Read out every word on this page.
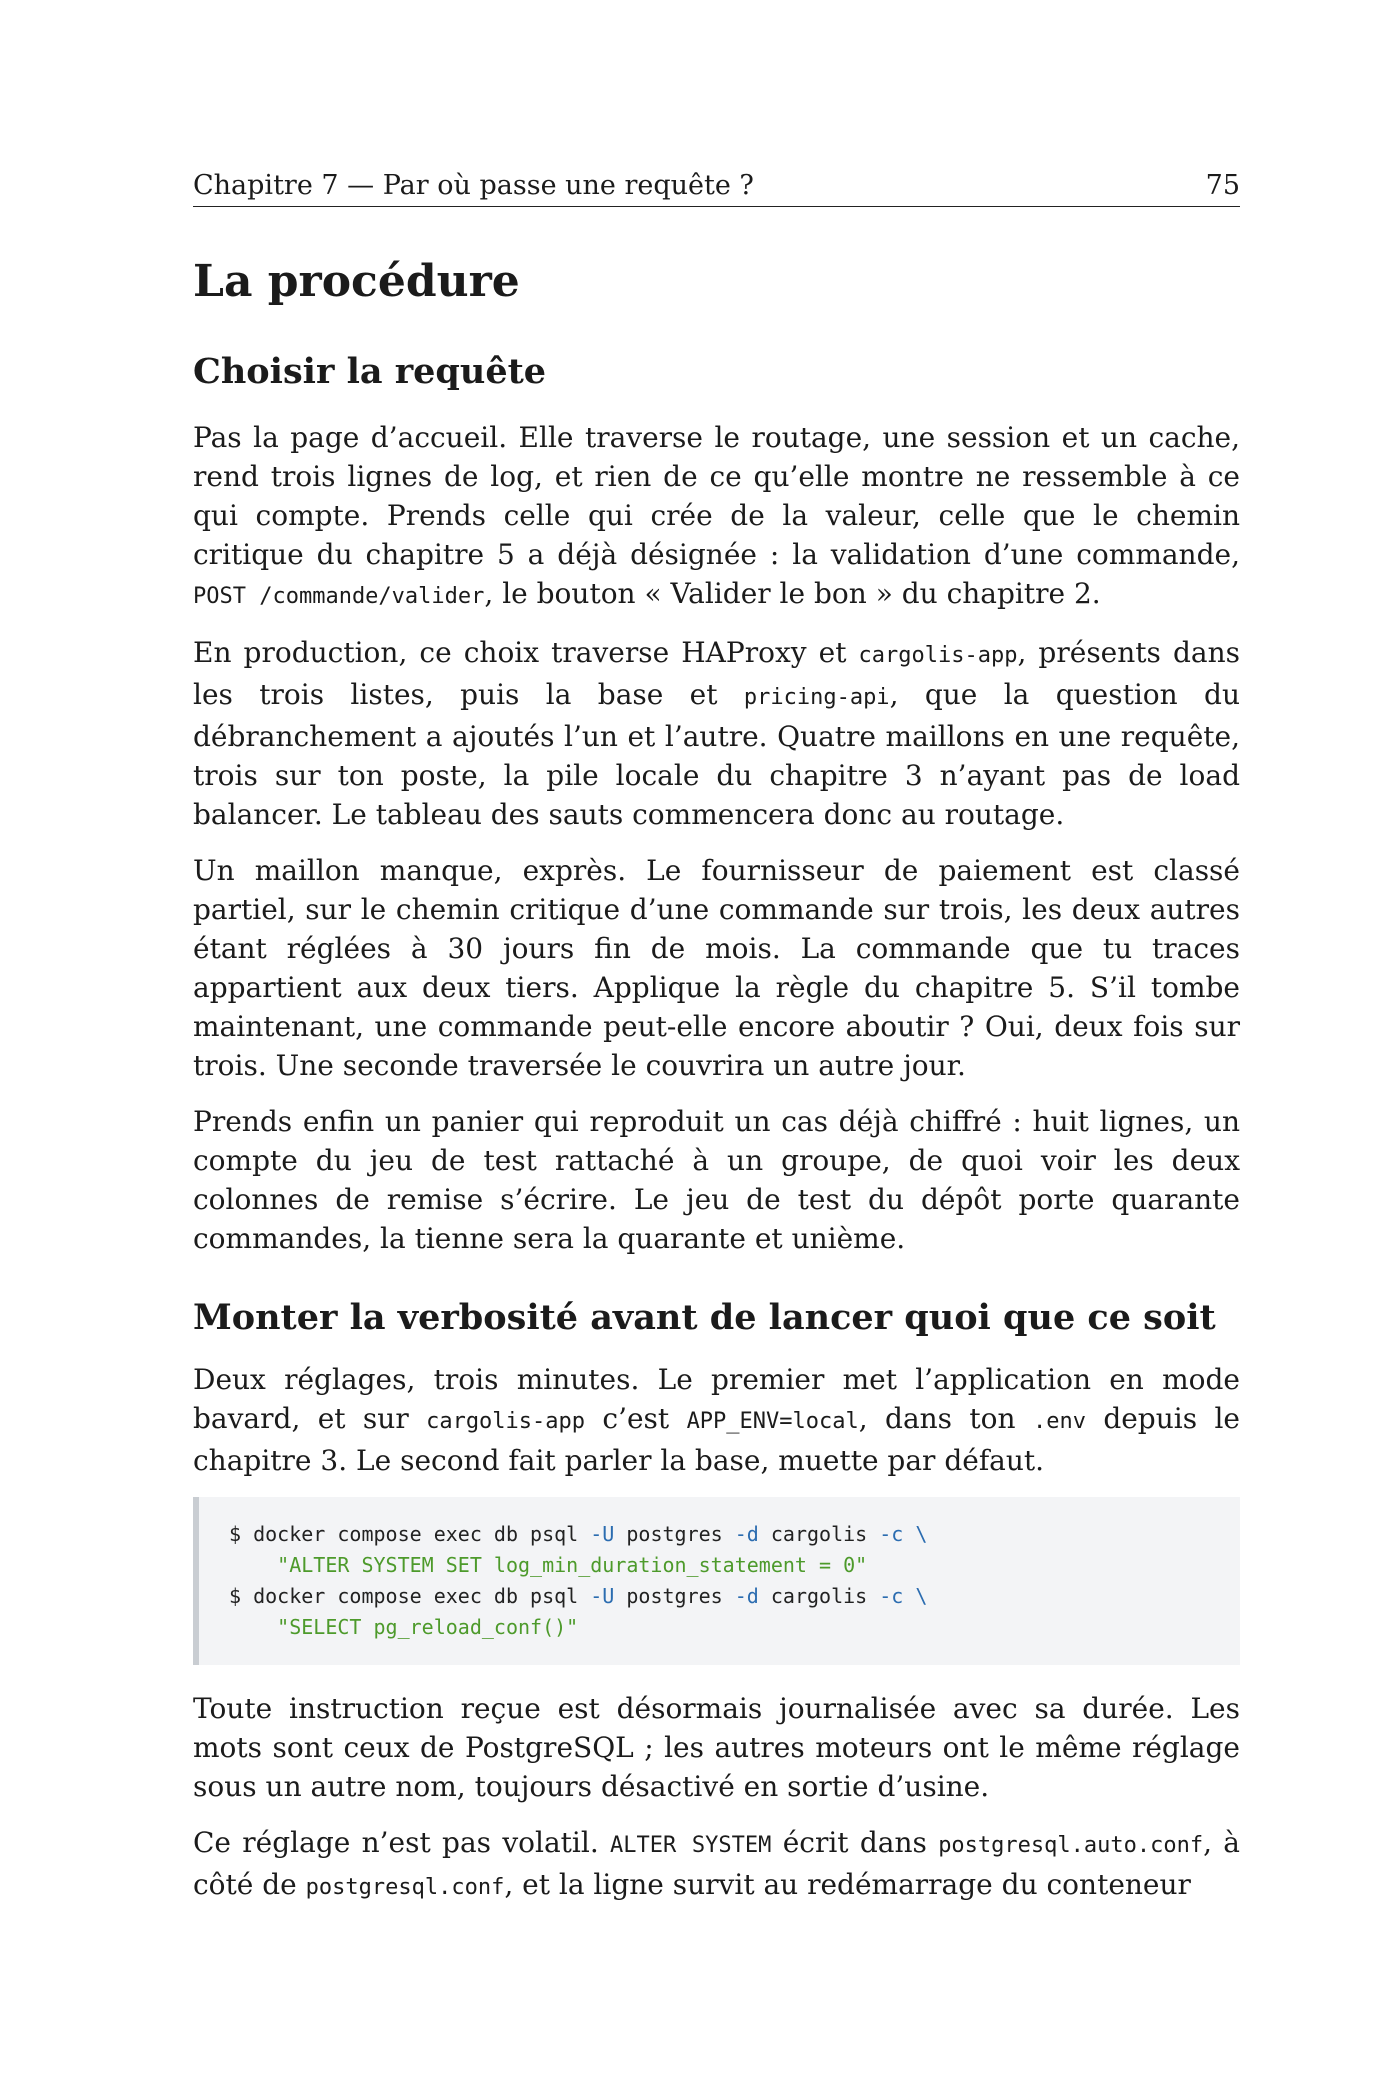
Chapitre 7 — Par où passe une requête ?	75
La procédure
Choisir la requête

Pas la page d’accueil. Elle traverse le routage, une session et un cache, rend trois lignes de log, et rien de ce qu’elle montre ne ressemble à ce qui compte. Prends celle qui crée de la valeur, celle que le chemin critique du chapitre 5 a déjà désignée : la validation d’une commande, POST /commande/valider, le bouton « Valider le bon » du chapitre 2.

En production, ce choix traverse HAProxy et cargolis-app, présents dans les trois listes, puis la base et pricing-api, que la question du débranchement a ajoutés l’un et l’autre. Quatre maillons en une requête, trois sur ton poste, la pile locale du chapitre 3 n’ayant pas de load balancer. Le tableau des sauts commencera donc au routage.

Un maillon manque, exprès. Le fournisseur de paiement est classé partiel, sur le chemin critique d’une commande sur trois, les deux autres étant réglées à 30 jours fin de mois. La commande que tu traces appartient aux deux tiers. Applique la règle du chapitre 5. S’il tombe maintenant, une commande peut-elle encore aboutir ? Oui, deux fois sur trois. Une seconde traversée le couvrira un autre jour.

Prends enfin un panier qui reproduit un cas déjà chiffré : huit lignes, un compte du jeu de test rattaché à un groupe, de quoi voir les deux colonnes de remise s’écrire. Le jeu de test du dépôt porte quarante commandes, la tienne sera la quarante et unième.

Monter la verbosité avant de lancer quoi que ce soit

Deux réglages, trois minutes. Le premier met l’application en mode bavard, et sur cargolis-app c’est APP_ENV=local, dans ton .env depuis le chapitre 3. Le second fait parler la base, muette par défaut.

$ docker compose exec db psql -U postgres -d cargolis -c \
"ALTER SYSTEM SET log_min_duration_statement = 0"
$ docker compose exec db psql -U postgres -d cargolis -c \
"SELECT pg_reload_conf()"

Toute instruction reçue est désormais journalisée avec sa durée. Les mots sont ceux de PostgreSQL ; les autres moteurs ont le même réglage sous un autre nom, toujours désactivé en sortie d’usine.

Ce réglage n’est pas volatil. ALTER SYSTEM écrit dans postgresql.auto.conf, à côté de postgresql.conf, et la ligne survit au redémarrage du conteneur
